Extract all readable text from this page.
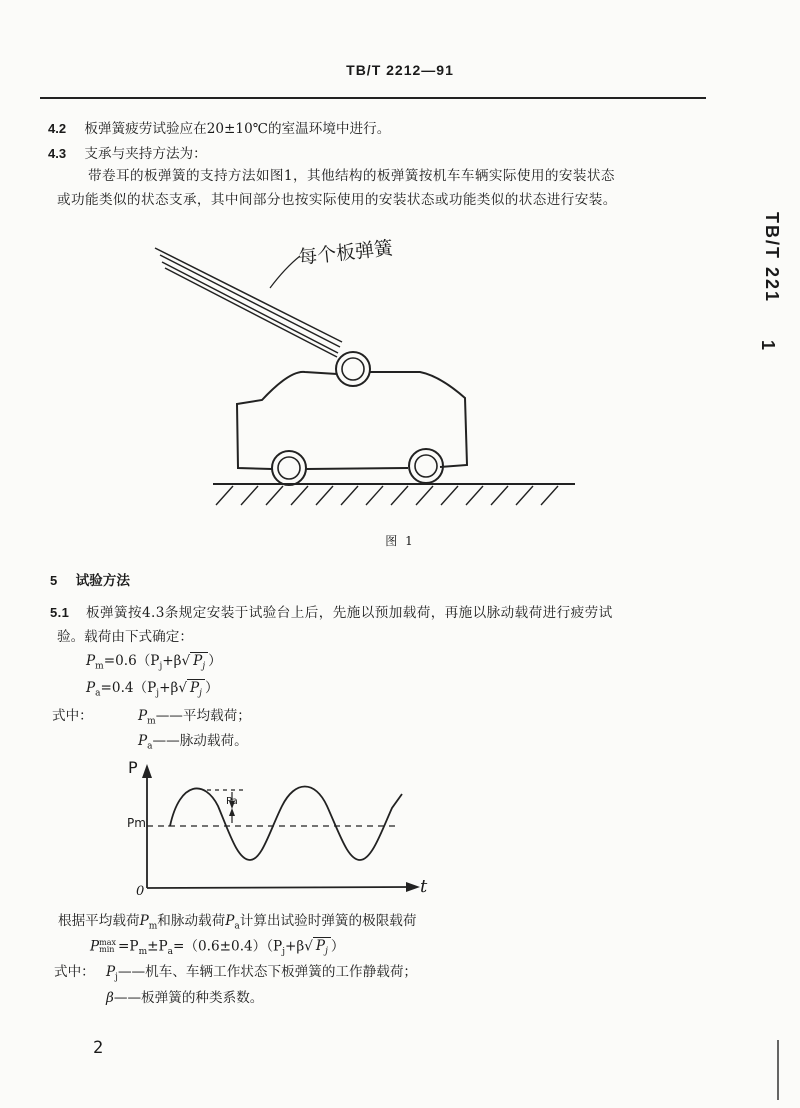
TB/T 2212—91
TB/T 221
1
4.2 板弹簧疲劳试验应在20±10℃的室温环境中进行。
4.3 支承与夹持方法为：
带卷耳的板弹簧的支持方法如图1，其他结构的板弹簧按机车车辆实际使用的安装状态
或功能类似的状态支承，其中间部分也按实际使用的安装状态或功能类似的状态进行安装。
每个板弹簧
图 1
5 试验方法
5.1 板弹簧按4.3条规定安装于试验台上后，先施以预加载荷，再施以脉动载荷进行疲劳试
验。载荷由下式确定：
$P_m=0.6(P_j+\beta√$ $P_j$ ）
$P_a=0.4(P_j+\beta√$ $P_j$ ）
式中：	$P_m——$平均载荷；
$P_a——$脉动载荷。
P
t
0
Pm
Pa
根据平均载荷$P_m$和脉动载荷$P_a$计算出试验时弹簧的极限载荷
P max
$\min =P_m\pm P_a=(0.6\pm 0.4)(P_j+\beta√$ $P_j$ ）
式中： $P_j——$机车、车辆工作状态下板弹簧的工作静载荷；
β——板弹簧的种类系数。
2
